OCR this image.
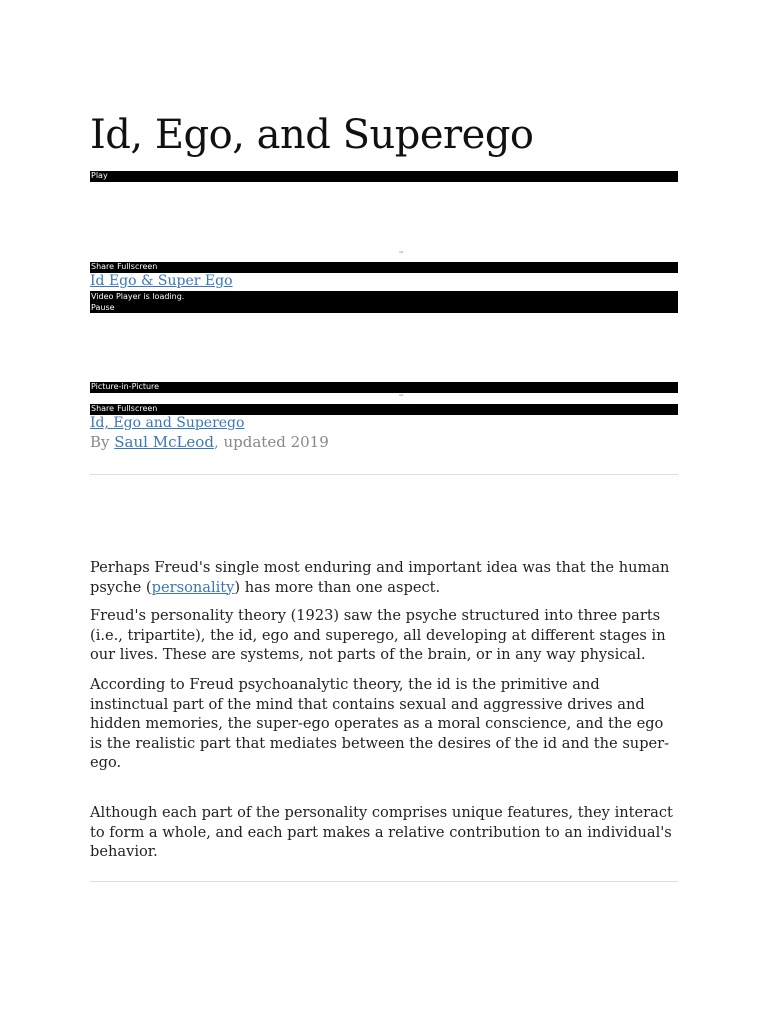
Id, Ego, and Superego
Play
ud
Share Fullscreen
Id Ego & Super Ego
Video Player is loading.
Pause
Picture-in-Picture
ud
Share Fullscreen
Id, Ego and Superego
By Saul McLeod, updated 2019

Perhaps Freud's single most enduring and important idea was that the human psyche (personality) has more than one aspect.

Freud's personality theory (1923) saw the psyche structured into three parts (i.e., tripartite), the id, ego and superego, all developing at different stages in our lives. These are systems, not parts of the brain, or in any way physical.

According to Freud psychoanalytic theory, the id is the primitive and instinctual part of the mind that contains sexual and aggressive drives and hidden memories, the super-ego operates as a moral conscience, and the ego is the realistic part that mediates between the desires of the id and the super-ego.

Although each part of the personality comprises unique features, they interact to form a whole, and each part makes a relative contribution to an individual's behavior.
